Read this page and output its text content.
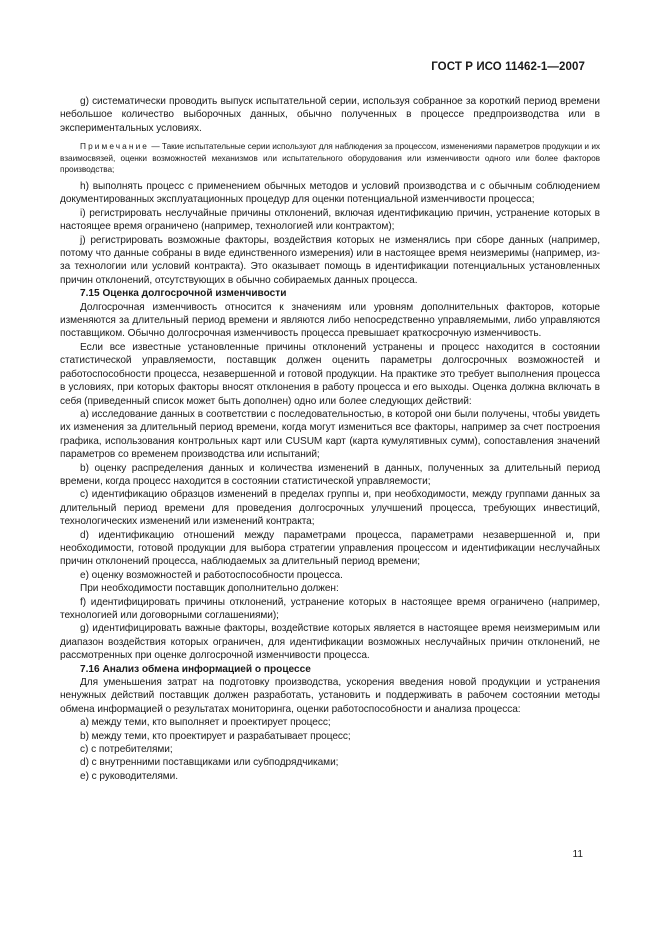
ГОСТ Р ИСО 11462-1—2007

g) систематически проводить выпуск испытательной серии, используя собранное за короткий период времени небольшое количество выборочных данных, обычно полученных в процессе предпроизводства или в экспериментальных условиях.

Примечание — Такие испытательные серии используют для наблюдения за процессом, изменениями параметров продукции и их взаимосвязей, оценки возможностей механизмов или испытательного оборудования или изменчивости одного или более факторов производства;

h) выполнять процесс с применением обычных методов и условий производства и с обычным соблюдением документированных эксплуатационных процедур для оценки потенциальной изменчивости процесса;

i) регистрировать неслучайные причины отклонений, включая идентификацию причин, устранение которых в настоящее время ограничено (например, технологией или контрактом);

j) регистрировать возможные факторы, воздействия которых не изменялись при сборе данных (например, потому что данные собраны в виде единственного измерения) или в настоящее время неизмеримы (например, из-за технологии или условий контракта). Это оказывает помощь в идентификации потенциальных установленных причин отклонений, отсутствующих в обычно собираемых данных процесса.

7.15 Оценка долгосрочной изменчивости

Долгосрочная изменчивость относится к значениям или уровням дополнительных факторов, которые изменяются за длительный период времени и являются либо непосредственно управляемыми, либо управляются поставщиком. Обычно долгосрочная изменчивость процесса превышает краткосрочную изменчивость.

Если все известные установленные причины отклонений устранены и процесс находится в состоянии статистической управляемости, поставщик должен оценить параметры долгосрочных возможностей и работоспособности процесса, незавершенной и готовой продукции. На практике это требует выполнения процесса в условиях, при которых факторы вносят отклонения в работу процесса и его выходы. Оценка должна включать в себя (приведенный список может быть дополнен) одно или более следующих действий:

a) исследование данных в соответствии с последовательностью, в которой они были получены, чтобы увидеть их изменения за длительный период времени, когда могут измениться все факторы, например за счет построения графика, использования контрольных карт или CUSUM карт (карта кумулятивных сумм), сопоставления значений параметров со временем производства или испытаний;

b) оценку распределения данных и количества изменений в данных, полученных за длительный период времени, когда процесс находится в состоянии статистической управляемости;

c) идентификацию образцов изменений в пределах группы и, при необходимости, между группами данных за длительный период времени для проведения долгосрочных улучшений процесса, требующих инвестиций, технологических изменений или изменений контракта;

d) идентификацию отношений между параметрами процесса, параметрами незавершенной и, при необходимости, готовой продукции для выбора стратегии управления процессом и идентификации неслучайных причин отклонений процесса, наблюдаемых за длительный период времени;

e) оценку возможностей и работоспособности процесса.

При необходимости поставщик дополнительно должен:

f) идентифицировать причины отклонений, устранение которых в настоящее время ограничено (например, технологией или договорными соглашениями);

g) идентифицировать важные факторы, воздействие которых является в настоящее время неизмеримым или диапазон воздействия которых ограничен, для идентификации возможных неслучайных причин отклонений, не рассмотренных при оценке долгосрочной изменчивости процесса.

7.16 Анализ обмена информацией о процессе

Для уменьшения затрат на подготовку производства, ускорения введения новой продукции и устранения ненужных действий поставщик должен разработать, установить и поддерживать в рабочем состоянии методы обмена информацией о результатах мониторинга, оценки работоспособности и анализа процесса:

a) между теми, кто выполняет и проектирует процесс;

b) между теми, кто проектирует и разрабатывает процесс;

c) с потребителями;

d) с внутренними поставщиками или субподрядчиками;

e) с руководителями.

11
